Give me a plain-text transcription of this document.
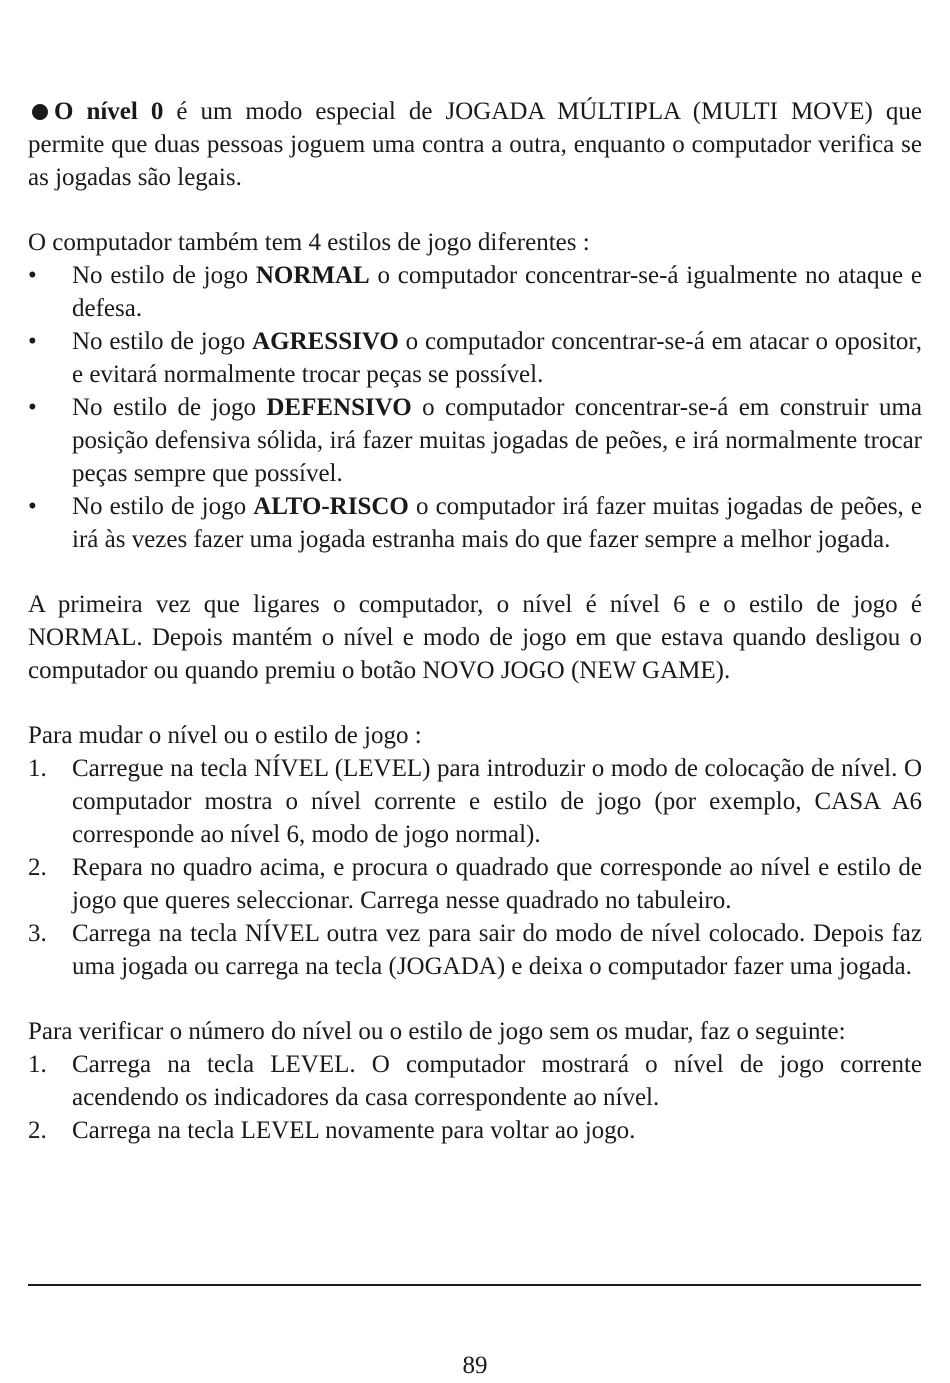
O nível 0 é um modo especial de JOGADA MÚLTIPLA (MULTI MOVE) que permite que duas pessoas joguem uma contra a outra, enquanto o computador verifica se as jogadas são legais.

O computador também tem 4 estilos de jogo diferentes :

•	No estilo de jogo NORMAL o computador concentrar-se-á igualmente no ataque e defesa.
•	No estilo de jogo AGRESSIVO o computador concentrar-se-á em atacar o opositor, e evitará normalmente trocar peças se possível.
•	No estilo de jogo DEFENSIVO o computador concentrar-se-á em construir uma posição defensiva sólida, irá fazer muitas jogadas de peões, e irá normalmente trocar peças sempre que possível.
•	No estilo de jogo ALTO-RISCO o computador irá fazer muitas jogadas de peões, e irá às vezes fazer uma jogada estranha mais do que fazer sempre a melhor jogada.

A primeira vez que ligares o computador, o nível é nível 6 e o estilo de jogo é NORMAL. Depois mantém o nível e modo de jogo em que estava quando desligou o computador ou quando premiu o botão NOVO JOGO (NEW GAME).

Para mudar o nível ou o estilo de jogo :

1.	Carregue na tecla NÍVEL (LEVEL) para introduzir o modo de colocação de nível. O computador mostra o nível corrente e estilo de jogo (por exemplo, CASA A6 corresponde ao nível 6, modo de jogo normal).
2.	Repara no quadro acima, e procura o quadrado que corresponde ao nível e estilo de jogo que queres seleccionar. Carrega nesse quadrado no tabuleiro.
3.	Carrega na tecla NÍVEL outra vez para sair do modo de nível colocado. Depois faz uma jogada ou carrega na tecla (JOGADA) e deixa o computador fazer uma jogada.

Para verificar o número do nível ou o estilo de jogo sem os mudar, faz o seguinte:

1.	Carrega na tecla LEVEL. O computador mostrará o nível de jogo corrente acendendo os indicadores da casa correspondente ao nível.
2.	Carrega na tecla LEVEL novamente para voltar ao jogo.
89
